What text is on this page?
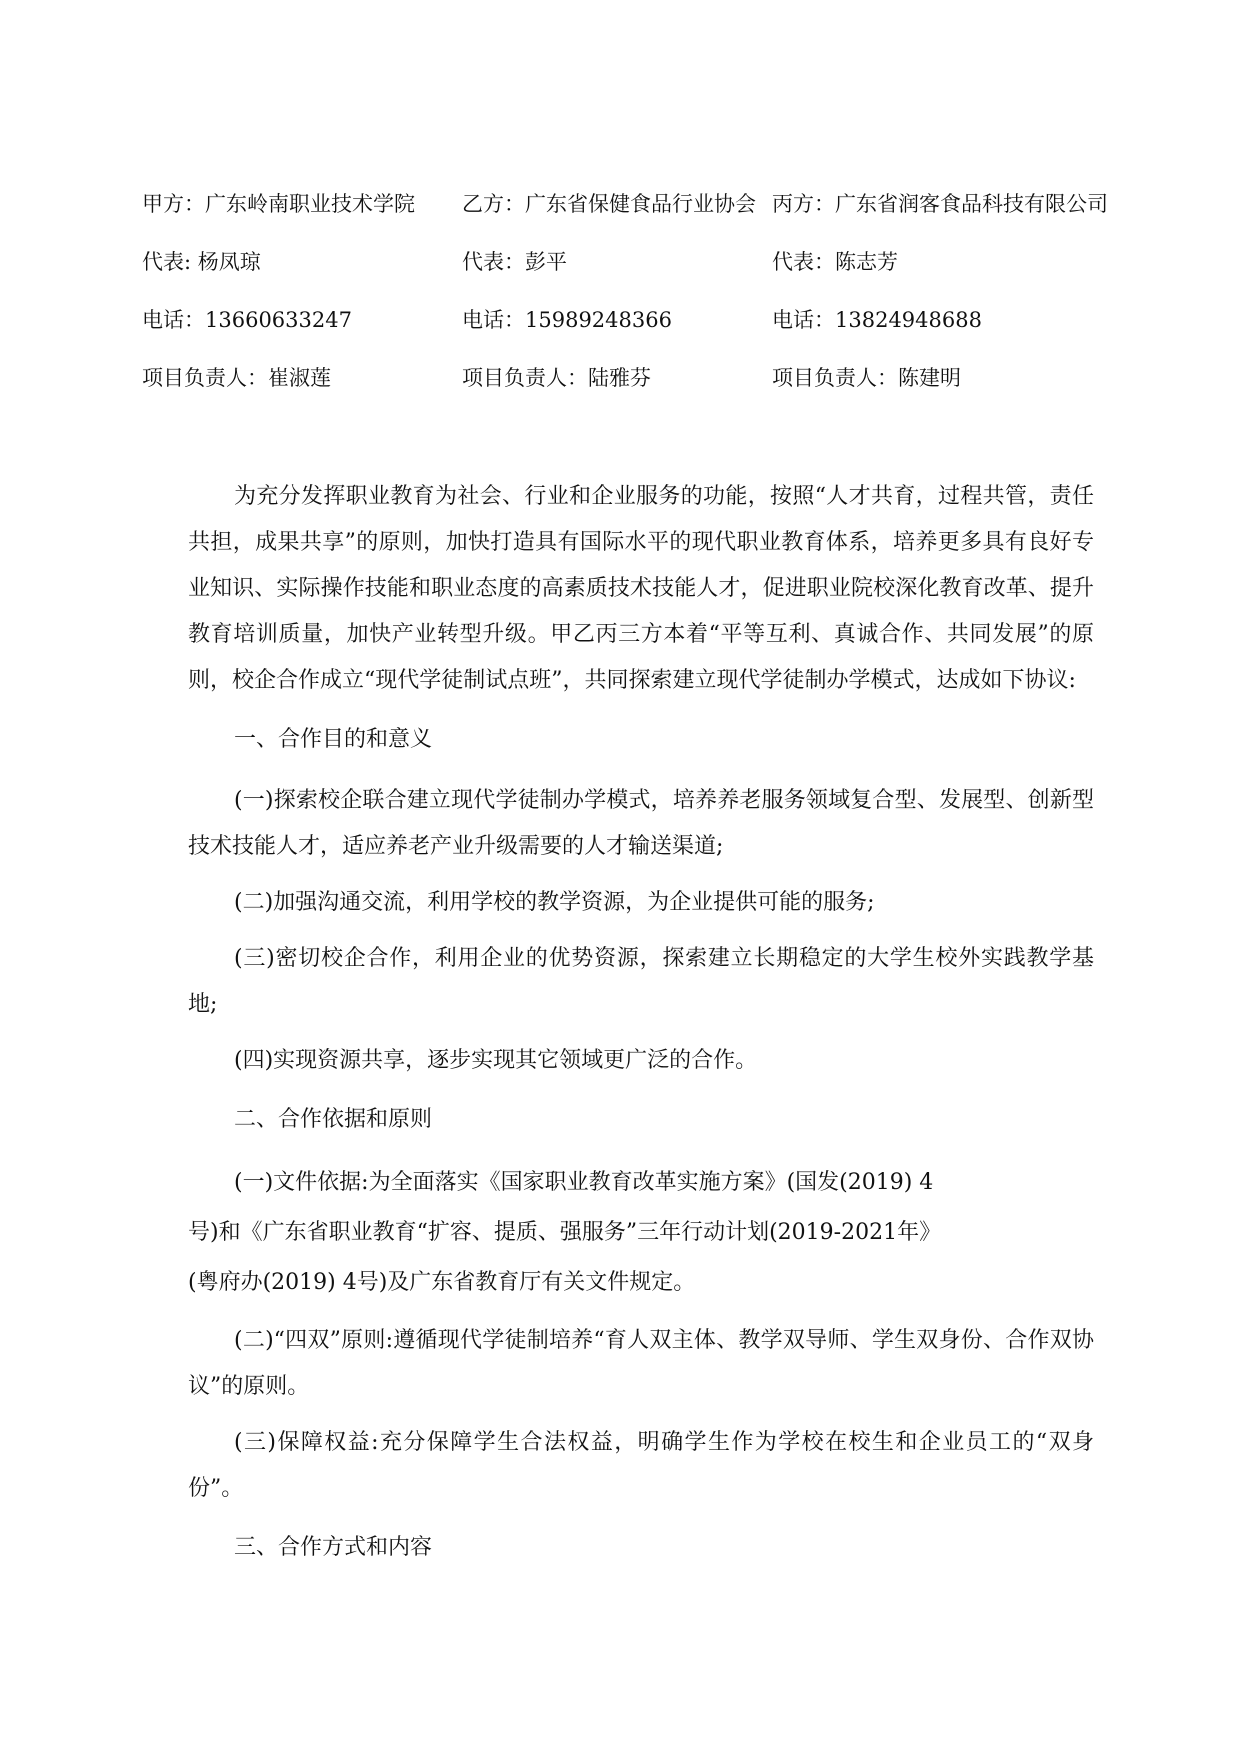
甲方：广东岭南职业技术学院 乙方：广东省保健食品行业协会 丙方：广东省润客食品科技有限公司
代表: 杨凤琼	代表：彭平	代表：陈志芳
电话：13660633247	电话：15989248366	电话：13824948688
项目负责人：崔淑莲	项目负责人：陆雅芬	项目负责人：陈建明

为充分发挥职业教育为社会、行业和企业服务的功能，按照“人才共育，过程共管，责任共担，成果共享”的原则，加快打造具有国际水平的现代职业教育体系，培养更多具有良好专业知识、实际操作技能和职业态度的高素质技术技能人才，促进职业院校深化教育改革、提升教育培训质量，加快产业转型升级。甲乙丙三方本着“平等互利、真诚合作、共同发展”的原则，校企合作成立“现代学徒制试点班”，共同探索建立现代学徒制办学模式，达成如下协议:

一、合作目的和意义

(一)探索校企联合建立现代学徒制办学模式，培养养老服务领域复合型、发展型、创新型技术技能人才，适应养老产业升级需要的人才输送渠道;

(二)加强沟通交流，利用学校的教学资源，为企业提供可能的服务;

(三)密切校企合作，利用企业的优势资源，探索建立长期稳定的大学生校外实践教学基地;

(四)实现资源共享，逐步实现其它领域更广泛的合作。

二、合作依据和原则

(一)文件依据:为全面落实《国家职业教育改革实施方案》(国发(2019) 4
号)和《广东省职业教育“扩容、提质、强服务”三年行动计划(2019-2021年》
(粤府办(2019) 4号)及广东省教育厅有关文件规定。

(二)“四双”原则:遵循现代学徒制培养“育人双主体、教学双导师、学生双身份、合作双协议”的原则。

(三)保障权益:充分保障学生合法权益，明确学生作为学校在校生和企业员工的“双身份”。

三、合作方式和内容
